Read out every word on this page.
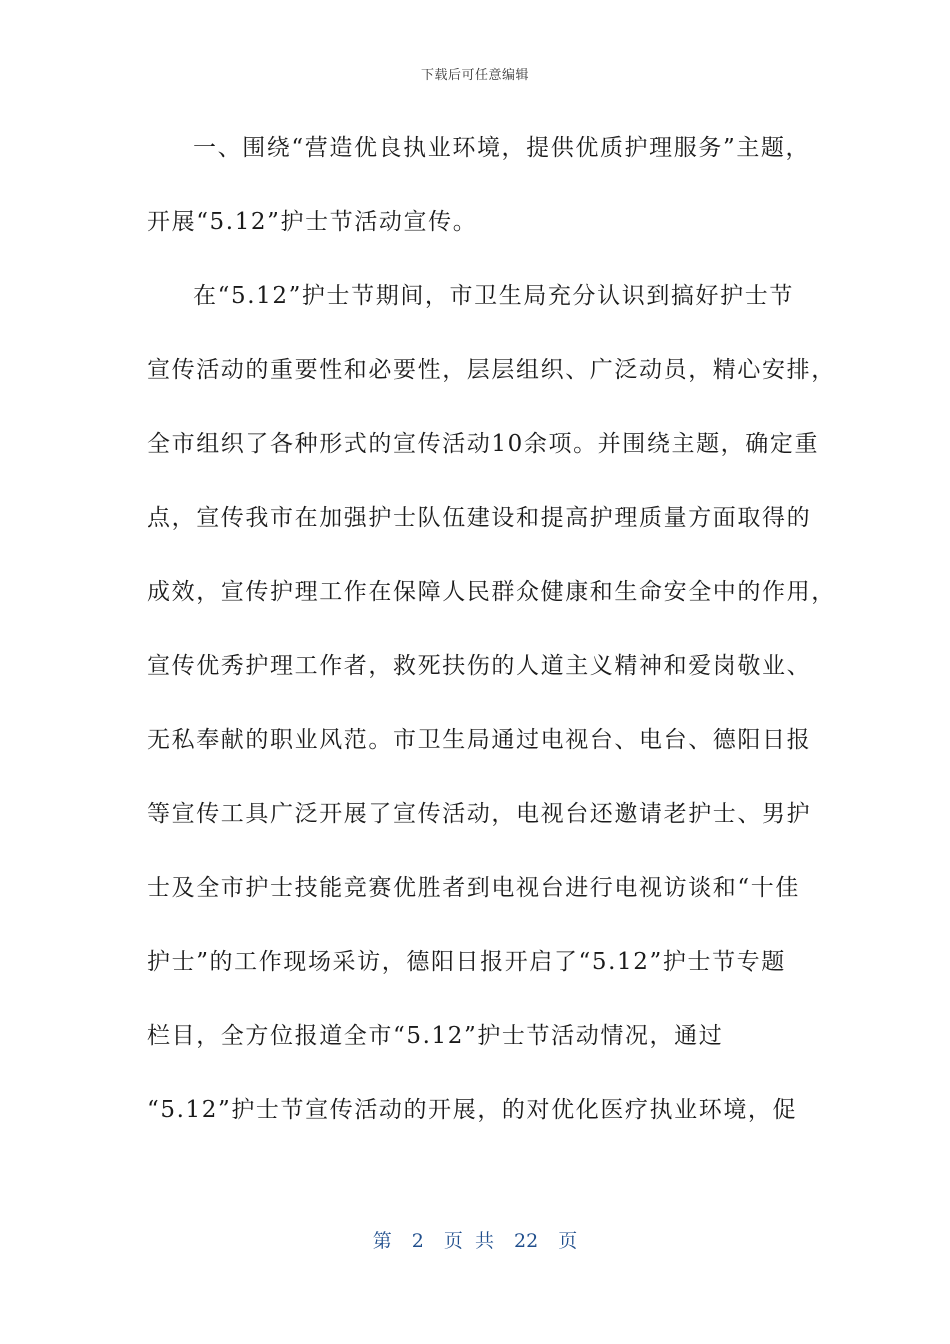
下载后可任意编辑
一、围绕“营造优良执业环境，提供优质护理服务”主题，
开展“5.12”护士节活动宣传。
在“5.12”护士节期间，市卫生局充分认识到搞好护士节
宣传活动的重要性和必要性，层层组织、广泛动员，精心安排，
全市组织了各种形式的宣传活动10余项。并围绕主题，确定重
点，宣传我市在加强护士队伍建设和提高护理质量方面取得的
成效，宣传护理工作在保障人民群众健康和生命安全中的作用，
宣传优秀护理工作者，救死扶伤的人道主义精神和爱岗敬业、
无私奉献的职业风范。市卫生局通过电视台、电台、德阳日报
等宣传工具广泛开展了宣传活动，电视台还邀请老护士、男护
士及全市护士技能竞赛优胜者到电视台进行电视访谈和“十佳
护士”的工作现场采访，德阳日报开启了“5.12”护士节专题
栏目，全方位报道全市“5.12”护士节活动情况，通过
“5.12”护士节宣传活动的开展，的对优化医疗执业环境，促
第 2 页 共 22 页
